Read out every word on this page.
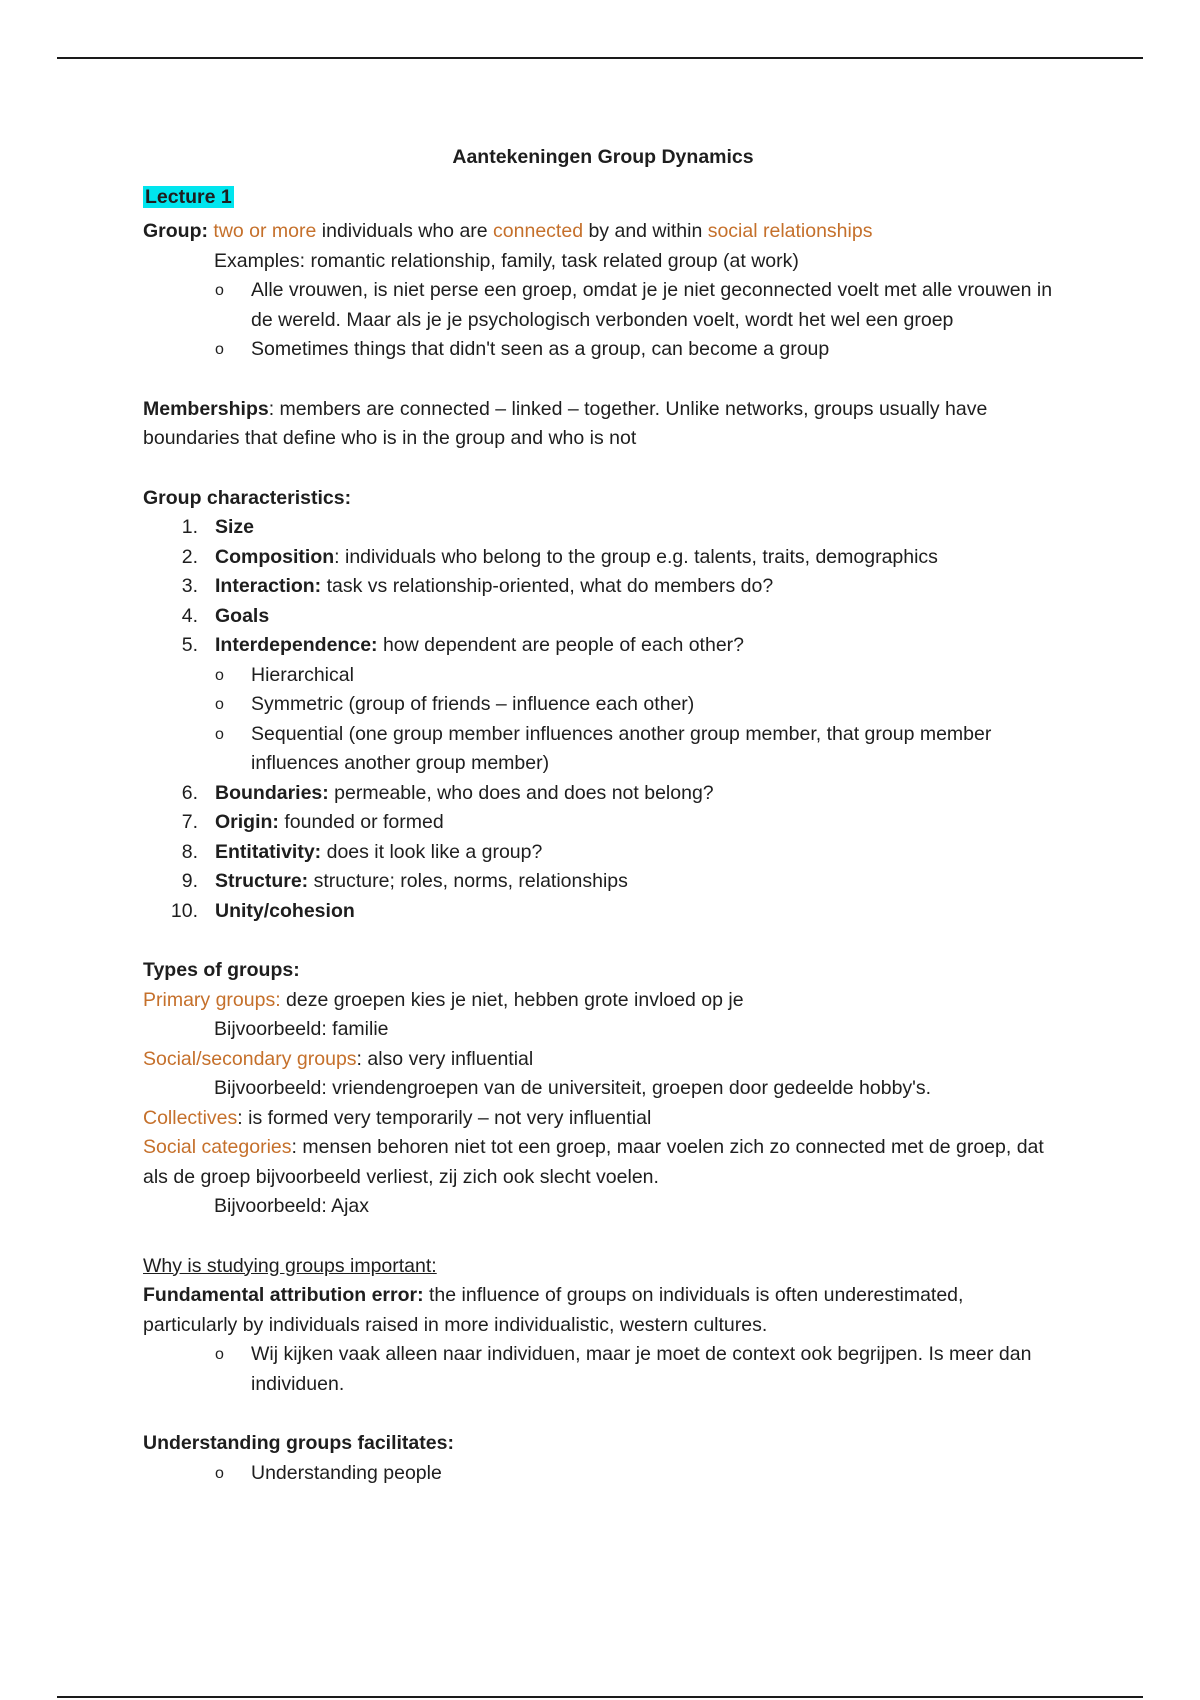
Aantekeningen Group Dynamics

Lecture 1

Group: two or more individuals who are connected by and within social relationships

Examples: romantic relationship, family, task related group (at work)

o Alle vrouwen, is niet perse een groep, omdat je je niet geconnected voelt met alle vrouwen in de wereld. Maar als je je psychologisch verbonden voelt, wordt het wel een groep

o Sometimes things that didn't seen as a group, can become a group

Memberships: members are connected – linked – together. Unlike networks, groups usually have boundaries that define who is in the group and who is not

Group characteristics:

1. Size

2. Composition: individuals who belong to the group e.g. talents, traits, demographics

3. Interaction: task vs relationship-oriented, what do members do?

4. Goals

5. Interdependence: how dependent are people of each other?

o Hierarchical

o Symmetric (group of friends – influence each other)

o Sequential (one group member influences another group member, that group member influences another group member)

6. Boundaries: permeable, who does and does not belong?

7. Origin: founded or formed

8. Entitativity: does it look like a group?

9. Structure: structure; roles, norms, relationships

10. Unity/cohesion

Types of groups:

Primary groups: deze groepen kies je niet, hebben grote invloed op je

Bijvoorbeeld: familie

Social/secondary groups: also very influential

Bijvoorbeeld: vriendengroepen van de universiteit, groepen door gedeelde hobby's.

Collectives: is formed very temporarily – not very influential

Social categories: mensen behoren niet tot een groep, maar voelen zich zo connected met de groep, dat als de groep bijvoorbeeld verliest, zij zich ook slecht voelen.

Bijvoorbeeld: Ajax

Why is studying groups important:

Fundamental attribution error: the influence of groups on individuals is often underestimated, particularly by individuals raised in more individualistic, western cultures.

o Wij kijken vaak alleen naar individuen, maar je moet de context ook begrijpen. Is meer dan individuen.

Understanding groups facilitates:

o Understanding people
